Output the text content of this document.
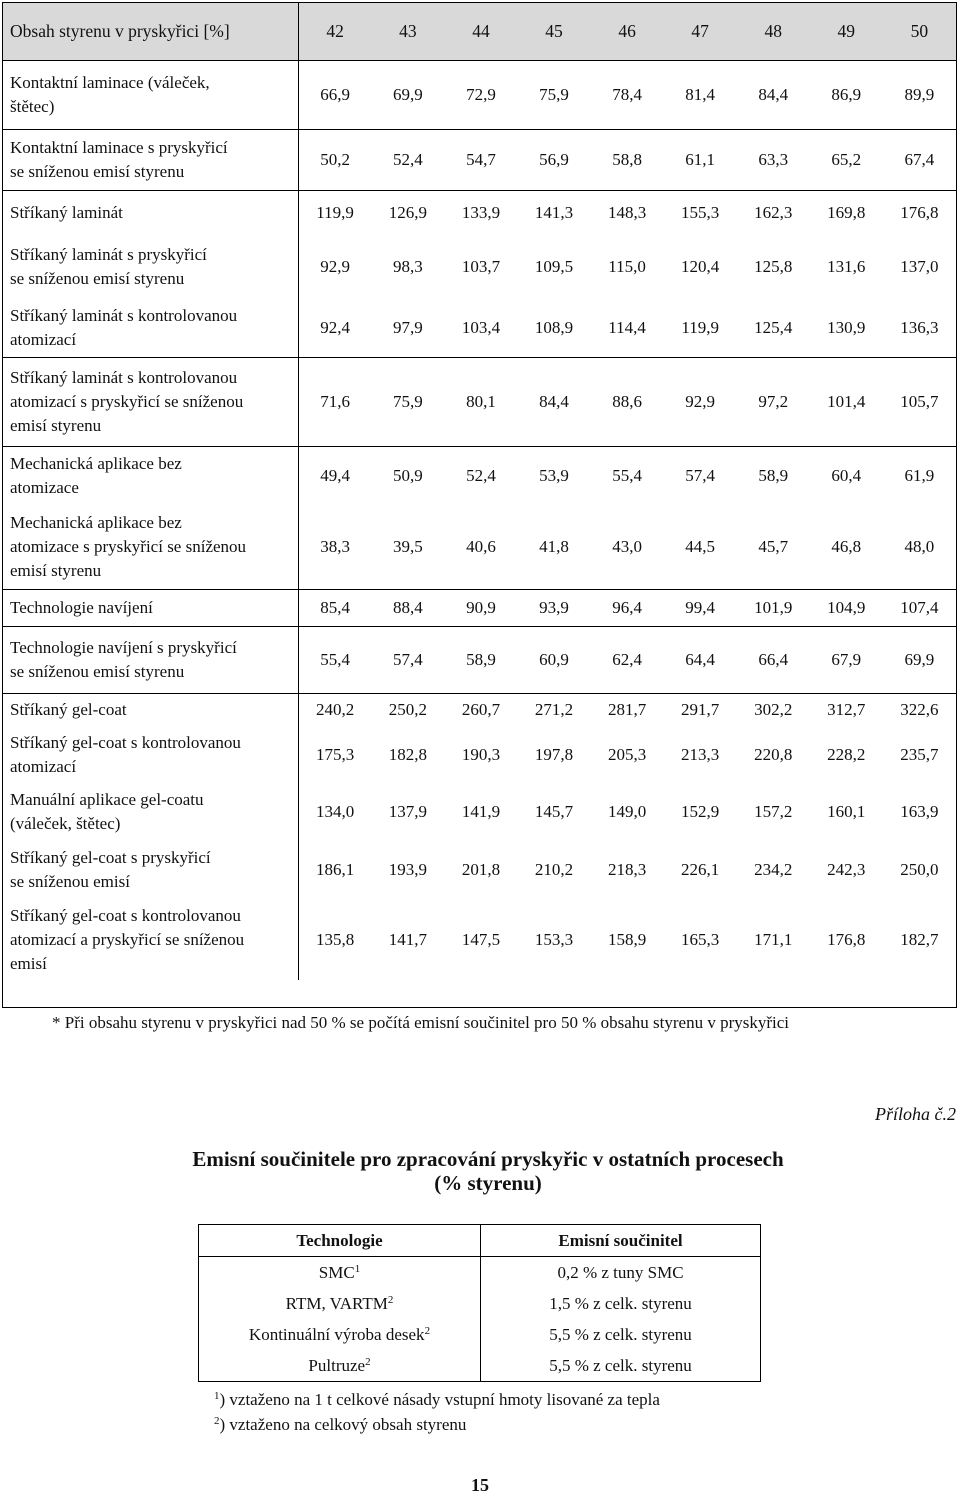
Obsah styrenu v pryskyřici [%]	42	43	44	45	46	47	48	49	50

Kontaktní laminace (váleček,
štětec)	66,9	69,9	72,9	75,9	78,4	81,4	84,4	86,9	89,9

Kontaktní laminace s pryskyřicí
se sníženou emisí styrenu	50,2	52,4	54,7	56,9	58,8	61,1	63,3	65,2	67,4

Stříkaný laminát	119,9	126,9	133,9	141,3	148,3	155,3	162,3	169,8	176,8

Stříkaný laminát s pryskyřicí
se sníženou emisí styrenu	92,9	98,3	103,7	109,5	115,0	120,4	125,8	131,6	137,0

Stříkaný laminát s kontrolovanou
atomizací	92,4	97,9	103,4	108,9	114,4	119,9	125,4	130,9	136,3

Stříkaný laminát s kontrolovanou
atomizací s pryskyřicí se sníženou
emisí styrenu	71,6	75,9	80,1	84,4	88,6	92,9	97,2	101,4	105,7

Mechanická aplikace bez
atomizace	49,4	50,9	52,4	53,9	55,4	57,4	58,9	60,4	61,9

Mechanická aplikace bez
atomizace s pryskyřicí se sníženou
emisí styrenu	38,3	39,5	40,6	41,8	43,0	44,5	45,7	46,8	48,0

Technologie navíjení	85,4	88,4	90,9	93,9	96,4	99,4	101,9	104,9	107,4

Technologie navíjení s pryskyřicí
se sníženou emisí styrenu	55,4	57,4	58,9	60,9	62,4	64,4	66,4	67,9	69,9

Stříkaný gel-coat	240,2	250,2	260,7	271,2	281,7	291,7	302,2	312,7	322,6

Stříkaný gel-coat s kontrolovanou
atomizací	175,3	182,8	190,3	197,8	205,3	213,3	220,8	228,2	235,7

Manuální aplikace gel-coatu
(váleček, štětec)	134,0	137,9	141,9	145,7	149,0	152,9	157,2	160,1	163,9

Stříkaný gel-coat s pryskyřicí
se sníženou emisí	186,1	193,9	201,8	210,2	218,3	226,1	234,2	242,3	250,0

Stříkaný gel-coat s kontrolovanou
atomizací a pryskyřicí se sníženou
emisí	135,8	141,7	147,5	153,3	158,9	165,3	171,1	176,8	182,7
* Při obsahu styrenu v pryskyřici nad 50 % se počítá emisní součinitel pro 50 % obsahu styrenu v pryskyřici
Příloha č.2
Emisní součinitele pro zpracování pryskyřic v ostatních procesech
(% styrenu)
Technologie	Emisní součinitel
SMC$^1$	0,2 % z tuny SMC
RTM, VARTM$^2$	1,5 % z celk. styrenu
Kontinuální výroba desek$^2$	5,5 % z celk. styrenu
Pultruze$^2$	5,5 % z celk. styrenu
$^1$) vztaženo na 1 t celkové násady vstupní hmoty lisované za tepla
$^2$) vztaženo na celkový obsah styrenu
15
